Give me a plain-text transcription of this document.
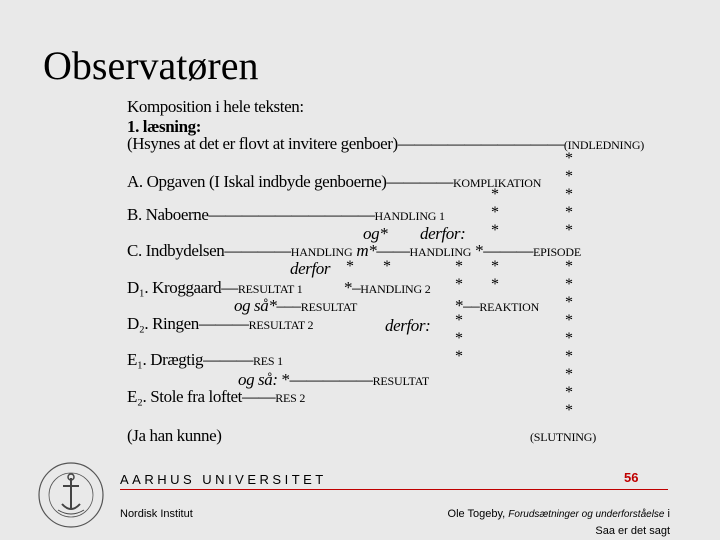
Observatøren
Komposition i hele teksten:
1. læsning:
(Hsynes at det er flovt at invitere genboer)——————————(INDLEDNING)
A. Opgaven (I Iskal indbyde genboerne)————KOMPLIKATION
B. Naboerne——————————HANDLING 1
og* derfor:
C. Indbydelsen————HANDLING m*——HANDLING *———EPISODE
derfor
D₁. Kroggaard—RESULTAT 1 *–HANDLING 2
og så*–––RESULTAT	*––REAKTION
D₂. Ringen———RESULTAT 2	derfor:
E₁. Drægtig———RES 1
og så: *—————RESULTAT
E₂. Stole fra loftet——RES 2
(Ja han kunne)	(SLUTNING)
*
*
*
*
*
*
*
*
*
*
*
*
*
*
*
*
*
*
*
*
*
*
*
*
* *
AARHUS UNIVERSITET	56
Nordisk Institut	Ole Togeby, Forudsætninger og underforståelse i
Saa er det sagt
